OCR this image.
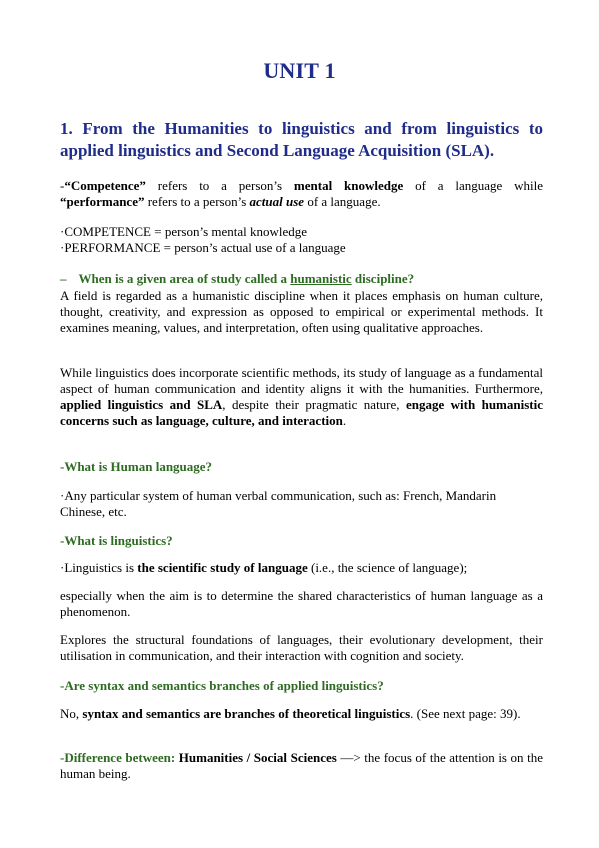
UNIT 1
1. From the Humanities to linguistics and from linguistics to applied linguistics and Second Language Acquisition (SLA).

-“Competence” refers to a person’s mental knowledge of a language while “performance” refers to a person’s actual use of a language.

·COMPETENCE = person’s mental knowledge

·PERFORMANCE = person’s actual use of a language

– When is a given area of study called a humanistic discipline?

A field is regarded as a humanistic discipline when it places emphasis on human culture, thought, creativity, and expression as opposed to empirical or experimental methods. It examines meaning, values, and interpretation, often using qualitative approaches.

While linguistics does incorporate scientific methods, its study of language as a fundamental aspect of human communication and identity aligns it with the humanities. Furthermore, applied linguistics and SLA, despite their pragmatic nature, engage with humanistic concerns such as language, culture, and interaction.

-What is Human language?

·Any particular system of human verbal communication, such as: French, Mandarin Chinese, etc.

-What is linguistics?

·Linguistics is the scientific study of language (i.e., the science of language);

especially when the aim is to determine the shared characteristics of human language as a phenomenon.

Explores the structural foundations of languages, their evolutionary development, their utilisation in communication, and their interaction with cognition and society.

-Are syntax and semantics branches of applied linguistics?

No, syntax and semantics are branches of theoretical linguistics. (See next page: 39).

-Difference between: Humanities / Social Sciences —> the focus of the attention is on the human being.
